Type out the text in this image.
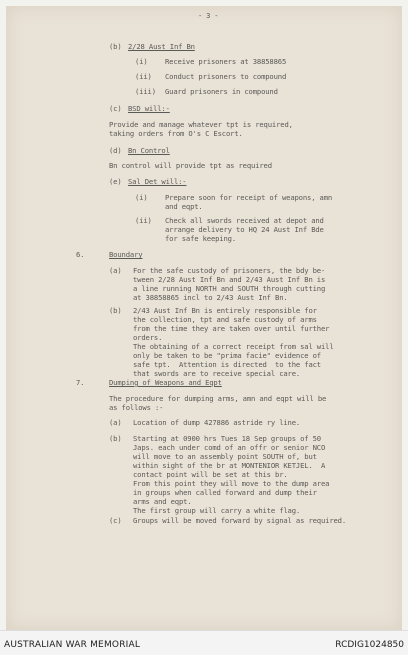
- 3 -
(b) 2/28 Aust Inf Bn
(i) Receive prisoners at 38858865
(ii) Conduct prisoners to compound
(iii) Guard prisoners in compound
(c) BSD will:-
Provide and manage whatever tpt is required,
taking orders from O's C Escort.
(d) Bn Control
Bn control will provide tpt as required
(e) Sal Det will:-
(i) Prepare soon for receipt of weapons, amn
and eqpt.
(ii) Check all swords received at depot and
arrange delivery to HQ 24 Aust Inf Bde
for safe keeping.
6.	Boundary
(a) For the safe custody of prisoners, the bdy be-
tween 2/28 Aust Inf Bn and 2/43 Aust Inf Bn is
a line running NORTH and SOUTH through cutting
at 38858865 incl to 2/43 Aust Inf Bn.
(b) 2/43 Aust Inf Bn is entirely responsible for
the collection, tpt and safe custody of arms
from the time they are taken over until further
orders.
The obtaining of a correct receipt from sal will
only be taken to be "prima facie" evidence of
safe tpt.  Attention is directed  to the fact
that swords are to receive special care.
7.	Dumping of Weapons and Eqpt
The procedure for dumping arms, amn and eqpt will be
as follows :-
(a) Location of dump 427886 astride ry line.
(b) Starting at 0900 hrs Tues 18 Sep groups of 50
Japs. each under comd of an offr or senior NCO
will move to an assembly point SOUTH of, but
within sight of the br at MONTENIOR KETJEL.  A
contact point will be set at this br.
From this point they will move to the dump area
in groups when called forward and dump their
arms and eqpt.
The first group will carry a white flag.
(c) Groups will be moved forward by signal as required.
AUSTRALIAN WAR MEMORIAL	RCDIG1024850
